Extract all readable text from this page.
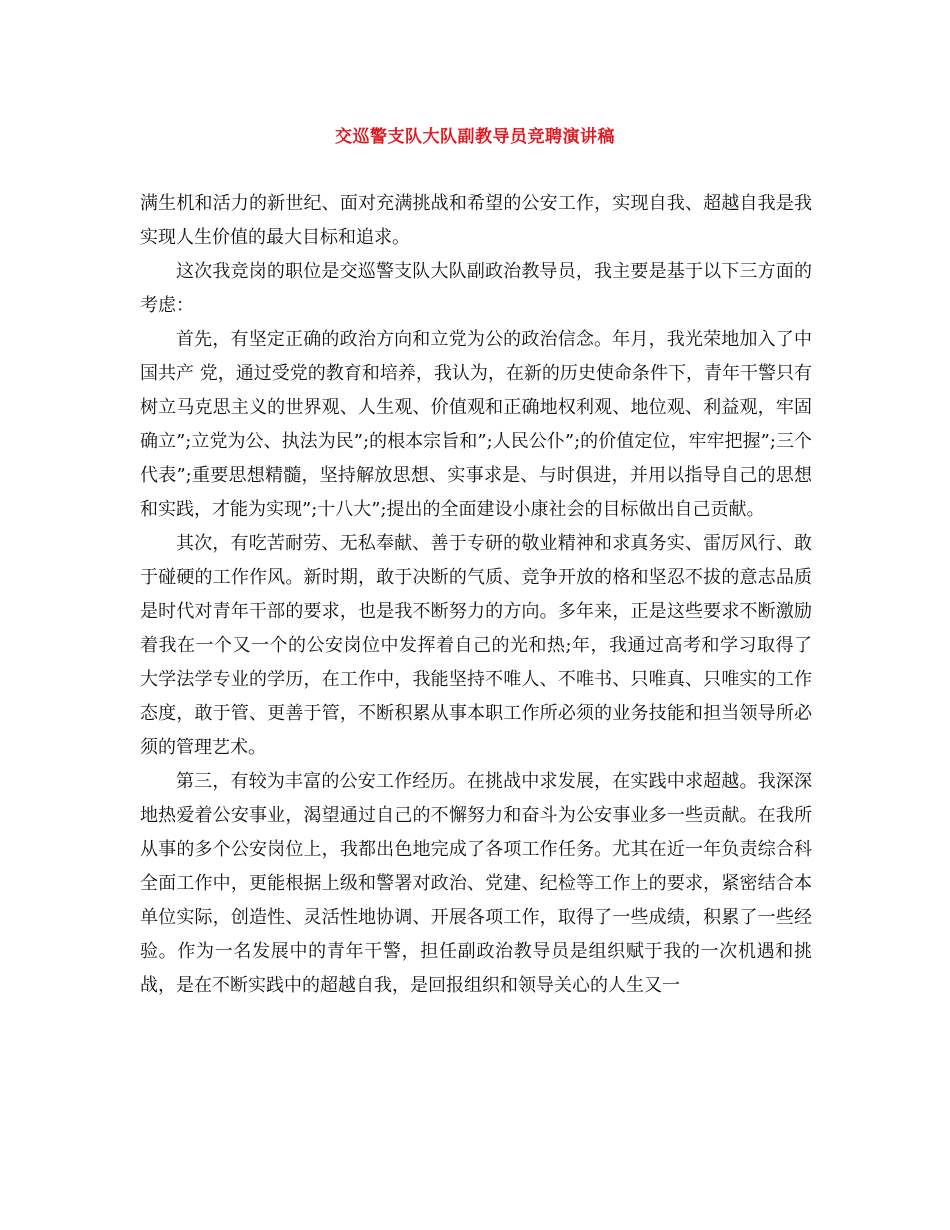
交巡警支队大队副教导员竞聘演讲稿

满生机和活力的新世纪、面对充满挑战和希望的公安工作，实现自我、超越自我是我实现人生价值的最大目标和追求。

这次我竞岗的职位是交巡警支队大队副政治教导员，我主要是基于以下三方面的考虑：

首先，有坚定正确的政治方向和立党为公的政治信念。年月，我光荣地加入了中国共产 党，通过受党的教育和培养，我认为，在新的历史使命条件下，青年干警只有树立马克思主义的世界观、人生观、价值观和正确地权利观、地位观、利益观，牢固确立”;立党为公、执法为民”;的根本宗旨和”;人民公仆”;的价值定位，牢牢把握”;三个代表”;重要思想精髓，坚持解放思想、实事求是、与时俱进，并用以指导自己的思想和实践，才能为实现”;十八大”;提出的全面建设小康社会的目标做出自己贡献。

其次，有吃苦耐劳、无私奉献、善于专研的敬业精神和求真务实、雷厉风行、敢于碰硬的工作作风。新时期，敢于决断的气质、竞争开放的格和坚忍不拔的意志品质是时代对青年干部的要求，也是我不断努力的方向。多年来，正是这些要求不断激励着我在一个又一个的公安岗位中发挥着自己的光和热;年，我通过高考和学习取得了大学法学专业的学历，在工作中，我能坚持不唯人、不唯书、只唯真、只唯实的工作态度，敢于管、更善于管，不断积累从事本职工作所必须的业务技能和担当领导所必须的管理艺术。

第三，有较为丰富的公安工作经历。在挑战中求发展，在实践中求超越。我深深地热爱着公安事业，渴望通过自己的不懈努力和奋斗为公安事业多一些贡献。在我所从事的多个公安岗位上，我都出色地完成了各项工作任务。尤其在近一年负责综合科全面工作中，更能根据上级和警署对政治、党建、纪检等工作上的要求，紧密结合本单位实际，创造性、灵活性地协调、开展各项工作，取得了一些成绩，积累了一些经验。作为一名发展中的青年干警，担任副政治教导员是组织赋于我的一次机遇和挑战，是在不断实践中的超越自我，是回报组织和领导关心的人生又一
